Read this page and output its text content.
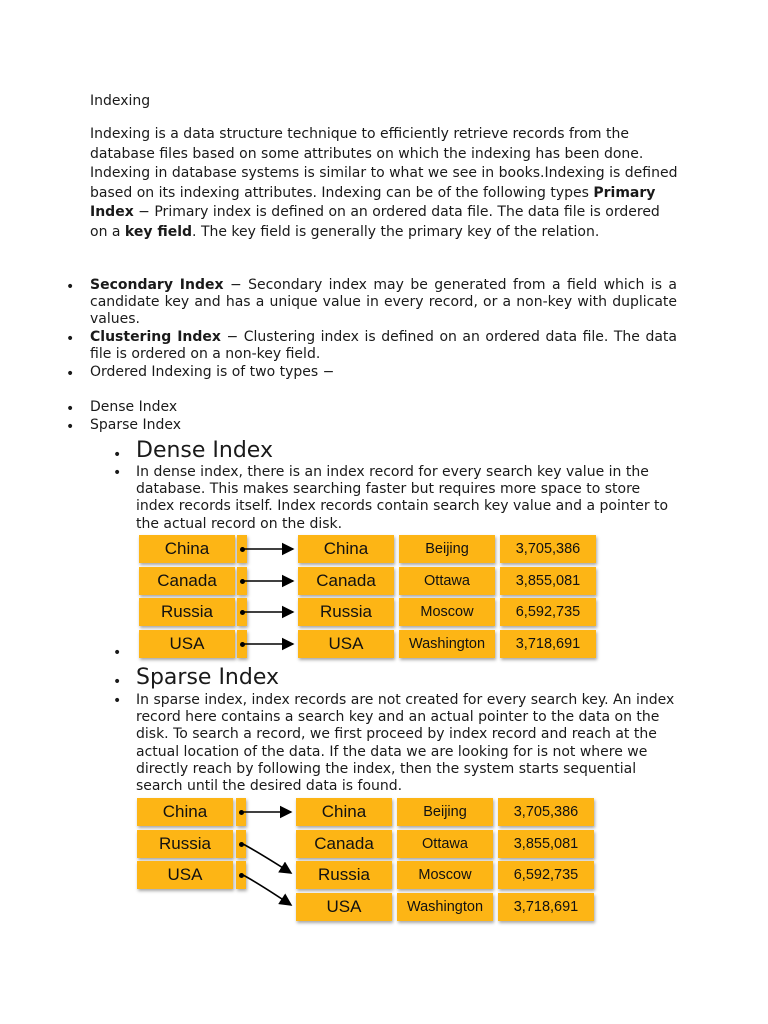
Indexing
Indexing is a data structure technique to efficiently retrieve records from the database files based on some attributes on which the indexing has been done. Indexing in database systems is similar to what we see in books.Indexing is defined based on its indexing attributes. Indexing can be of the following types Primary Index − Primary index is defined on an ordered data file. The data file is ordered on a key field. The key field is generally the primary key of the relation.
• Secondary Index − Secondary index may be generated from a field which is a candidate key and has a unique value in every record, or a non-key with duplicate values.
• Clustering Index − Clustering index is defined on an ordered data file. The data file is ordered on a non-key field.
• Ordered Indexing is of two types −
• Dense Index
• Sparse Index
• Dense Index
• In dense index, there is an index record for every search key value in the database. This makes searching faster but requires more space to store index records itself. Index records contain search key value and a pointer to the actual record on the disk.
China
Canada
Russia
USA
China	Beijing	3,705,386
Canada	Ottawa	3,855,081
Russia	Moscow	6,592,735
USA	Washington	3,718,691
•
• Sparse Index
• In sparse index, index records are not created for every search key. An index record here contains a search key and an actual pointer to the data on the disk. To search a record, we first proceed by index record and reach at the actual location of the data. If the data we are looking for is not where we directly reach by following the index, then the system starts sequential search until the desired data is found.
China
Russia
USA
China	Beijing	3,705,386
Canada	Ottawa	3,855,081
Russia	Moscow	6,592,735
USA	Washington	3,718,691
